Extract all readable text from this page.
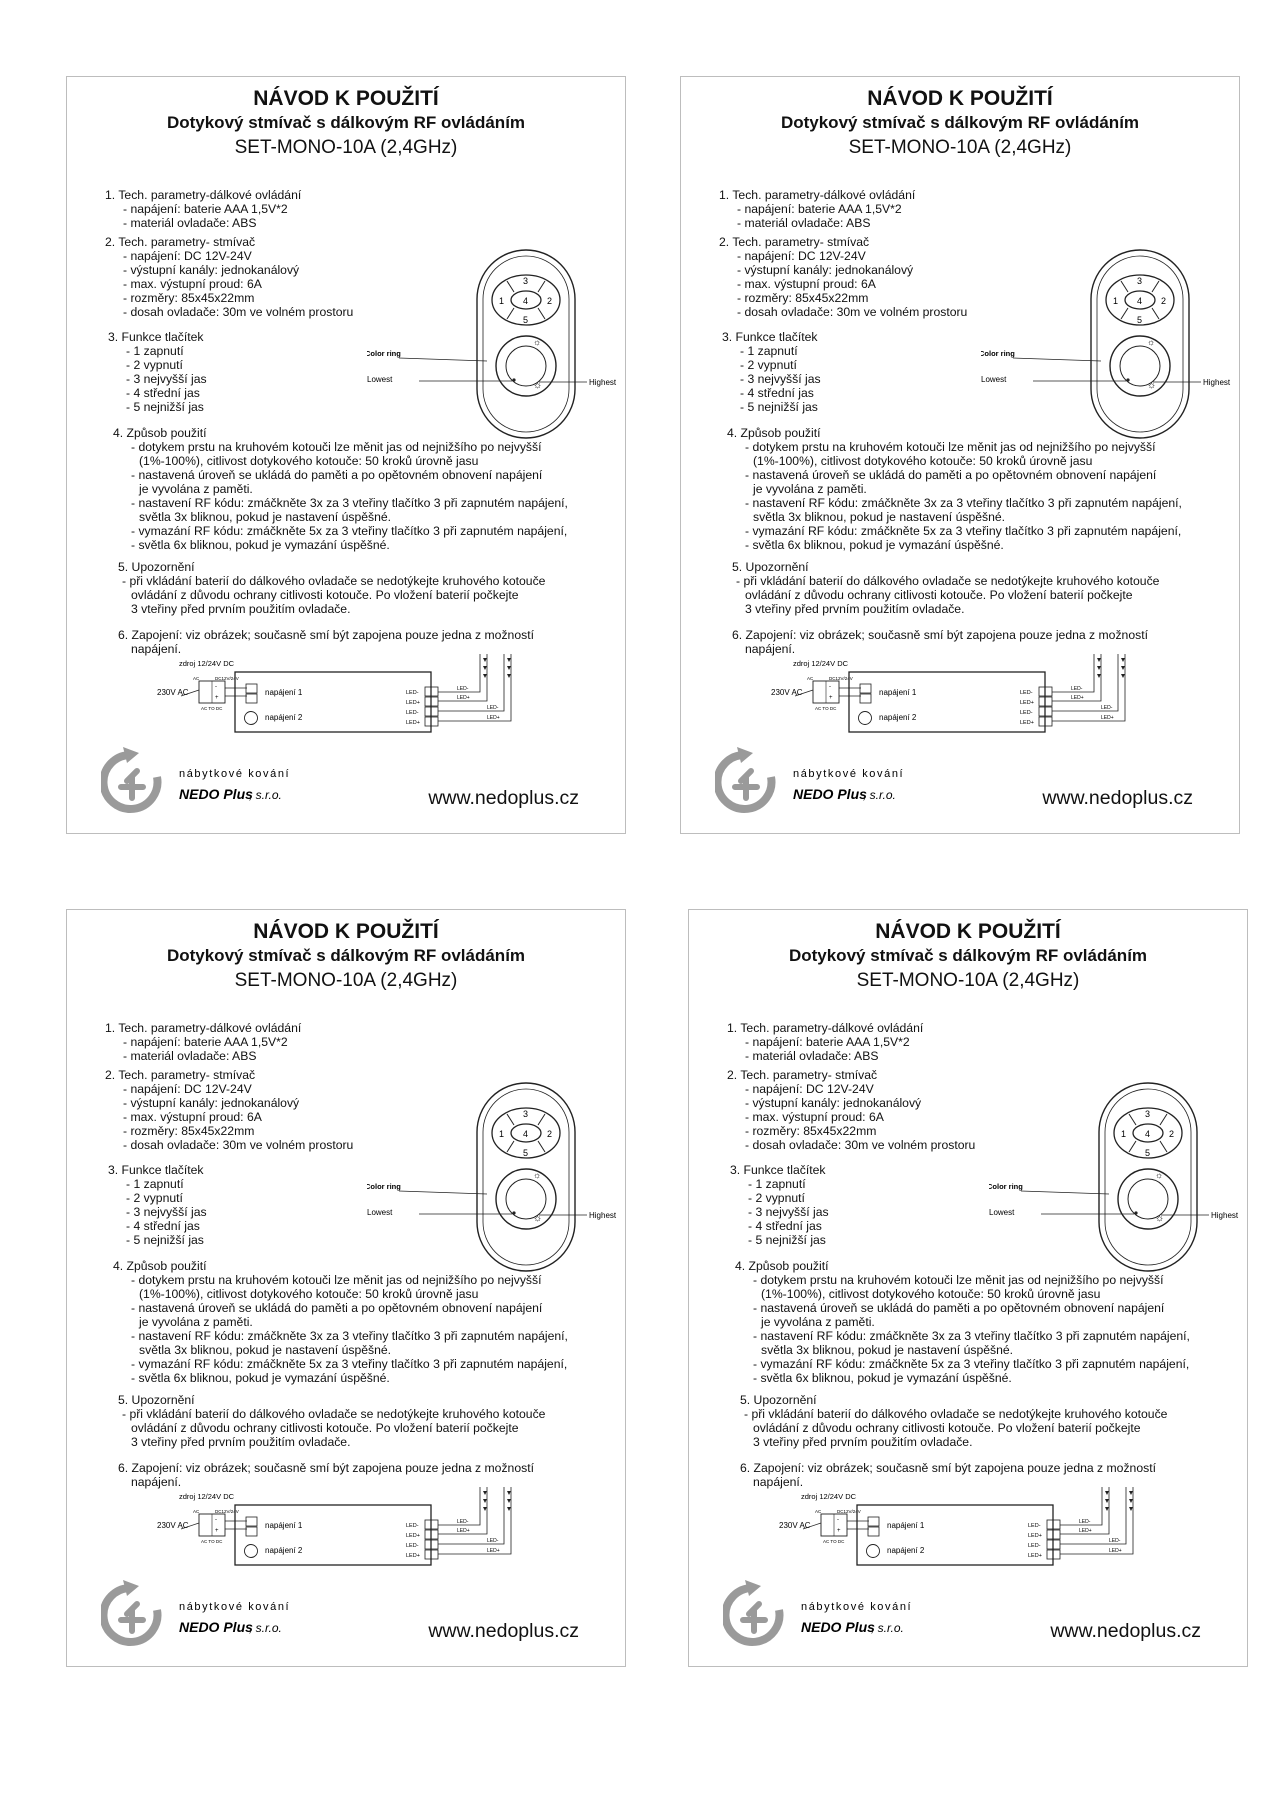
NÁVOD K POUŽITÍ
Dotykový stmívač s dálkovým RF ovládáním
SET-MONO-10A (2,4GHz)
1. Tech. parametry-dálkové ovládání
- napájení: baterie AAA 1,5V*2
- materiál ovladače: ABS
2. Tech. parametry- stmívač
- napájení: DC 12V-24V
- výstupní kanály: jednokanálový
- max. výstupní proud: 6A
- rozměry: 85x45x22mm
- dosah ovladače: 30m ve volném prostoru
3. Funkce tlačítek
- 1 zapnutí
- 2 vypnutí
- 3 nejvyšší jas
- 4 střední jas
- 5 nejnižší jas
3
4
1	2
5
☼
☼
Color ring
Lowest	Highest
4. Způsob použití
- dotykem prstu na kruhovém kotouči lze měnit jas od nejnižšího po nejvyšší
(1%-100%), citlivost dotykového kotouče: 50 kroků úrovně jasu
- nastavená úroveň se ukládá do paměti a po opětovném obnovení napájení
je vyvolána z paměti.
- nastavení RF kódu: zmáčkněte 3x za 3 vteřiny tlačítko 3 při zapnutém napájení,
světla 3x bliknou, pokud je nastavení úspěšné.
- vymazání RF kódu: zmáčkněte 5x za 3 vteřiny tlačítko 3 při zapnutém napájení,
- světla 6x bliknou, pokud je vymazání úspěšné.
5. Upozornění
- při vkládání baterií do dálkového ovladače se nedotýkejte kruhového kotouče
ovládání z důvodu ochrany citlivosti kotouče. Po vložení baterií počkejte
3 vteřiny před prvním použitím ovladače.
6. Zapojení: viz obrázek; současně smí být zapojena pouze jedna z možností
napájení.
zdroj 12/24V DC
230V AC
AC	DC12V/24V
AC TO DC
-
+
napájení 1
napájení 2
LED-
LED+
LED-
LED+
LED-
LED+
LED-
LED+
nábytkové kování
NEDO Plus
, s.r.o.	www.nedoplus.cz
NÁVOD K POUŽITÍ
Dotykový stmívač s dálkovým RF ovládáním
SET-MONO-10A (2,4GHz)
1. Tech. parametry-dálkové ovládání
- napájení: baterie AAA 1,5V*2
- materiál ovladače: ABS
2. Tech. parametry- stmívač
- napájení: DC 12V-24V
- výstupní kanály: jednokanálový
- max. výstupní proud: 6A
- rozměry: 85x45x22mm
- dosah ovladače: 30m ve volném prostoru
3. Funkce tlačítek
- 1 zapnutí
- 2 vypnutí
- 3 nejvyšší jas
- 4 střední jas
- 5 nejnižší jas
3
4
1	2
5
☼
☼
Color ring
Lowest	Highest
4. Způsob použití
- dotykem prstu na kruhovém kotouči lze měnit jas od nejnižšího po nejvyšší
(1%-100%), citlivost dotykového kotouče: 50 kroků úrovně jasu
- nastavená úroveň se ukládá do paměti a po opětovném obnovení napájení
je vyvolána z paměti.
- nastavení RF kódu: zmáčkněte 3x za 3 vteřiny tlačítko 3 při zapnutém napájení,
světla 3x bliknou, pokud je nastavení úspěšné.
- vymazání RF kódu: zmáčkněte 5x za 3 vteřiny tlačítko 3 při zapnutém napájení,
- světla 6x bliknou, pokud je vymazání úspěšné.
5. Upozornění
- při vkládání baterií do dálkového ovladače se nedotýkejte kruhového kotouče
ovládání z důvodu ochrany citlivosti kotouče. Po vložení baterií počkejte
3 vteřiny před prvním použitím ovladače.
6. Zapojení: viz obrázek; současně smí být zapojena pouze jedna z možností
napájení.
zdroj 12/24V DC
230V AC
AC	DC12V/24V
AC TO DC
-
+
napájení 1
napájení 2
LED-
LED+
LED-
LED+
LED-
LED+
LED-
LED+
nábytkové kování
NEDO Plus
, s.r.o.	www.nedoplus.cz
NÁVOD K POUŽITÍ
Dotykový stmívač s dálkovým RF ovládáním
SET-MONO-10A (2,4GHz)
1. Tech. parametry-dálkové ovládání
- napájení: baterie AAA 1,5V*2
- materiál ovladače: ABS
2. Tech. parametry- stmívač
- napájení: DC 12V-24V
- výstupní kanály: jednokanálový
- max. výstupní proud: 6A
- rozměry: 85x45x22mm
- dosah ovladače: 30m ve volném prostoru
3. Funkce tlačítek
- 1 zapnutí
- 2 vypnutí
- 3 nejvyšší jas
- 4 střední jas
- 5 nejnižší jas
3
4
1	2
5
☼
☼
Color ring
Lowest	Highest
4. Způsob použití
- dotykem prstu na kruhovém kotouči lze měnit jas od nejnižšího po nejvyšší
(1%-100%), citlivost dotykového kotouče: 50 kroků úrovně jasu
- nastavená úroveň se ukládá do paměti a po opětovném obnovení napájení
je vyvolána z paměti.
- nastavení RF kódu: zmáčkněte 3x za 3 vteřiny tlačítko 3 při zapnutém napájení,
světla 3x bliknou, pokud je nastavení úspěšné.
- vymazání RF kódu: zmáčkněte 5x za 3 vteřiny tlačítko 3 při zapnutém napájení,
- světla 6x bliknou, pokud je vymazání úspěšné.
5. Upozornění
- při vkládání baterií do dálkového ovladače se nedotýkejte kruhového kotouče
ovládání z důvodu ochrany citlivosti kotouče. Po vložení baterií počkejte
3 vteřiny před prvním použitím ovladače.
6. Zapojení: viz obrázek; současně smí být zapojena pouze jedna z možností
napájení.
zdroj 12/24V DC
230V AC
AC	DC12V/24V
AC TO DC
-
+
napájení 1
napájení 2
LED-
LED+
LED-
LED+
LED-
LED+
LED-
LED+
nábytkové kování
NEDO Plus
, s.r.o.	www.nedoplus.cz
NÁVOD K POUŽITÍ
Dotykový stmívač s dálkovým RF ovládáním
SET-MONO-10A (2,4GHz)
1. Tech. parametry-dálkové ovládání
- napájení: baterie AAA 1,5V*2
- materiál ovladače: ABS
2. Tech. parametry- stmívač
- napájení: DC 12V-24V
- výstupní kanály: jednokanálový
- max. výstupní proud: 6A
- rozměry: 85x45x22mm
- dosah ovladače: 30m ve volném prostoru
3. Funkce tlačítek
- 1 zapnutí
- 2 vypnutí
- 3 nejvyšší jas
- 4 střední jas
- 5 nejnižší jas
3
4
1	2
5
☼
☼
Color ring
Lowest	Highest
4. Způsob použití
- dotykem prstu na kruhovém kotouči lze měnit jas od nejnižšího po nejvyšší
(1%-100%), citlivost dotykového kotouče: 50 kroků úrovně jasu
- nastavená úroveň se ukládá do paměti a po opětovném obnovení napájení
je vyvolána z paměti.
- nastavení RF kódu: zmáčkněte 3x za 3 vteřiny tlačítko 3 při zapnutém napájení,
světla 3x bliknou, pokud je nastavení úspěšné.
- vymazání RF kódu: zmáčkněte 5x za 3 vteřiny tlačítko 3 při zapnutém napájení,
- světla 6x bliknou, pokud je vymazání úspěšné.
5. Upozornění
- při vkládání baterií do dálkového ovladače se nedotýkejte kruhového kotouče
ovládání z důvodu ochrany citlivosti kotouče. Po vložení baterií počkejte
3 vteřiny před prvním použitím ovladače.
6. Zapojení: viz obrázek; současně smí být zapojena pouze jedna z možností
napájení.
zdroj 12/24V DC
230V AC
AC	DC12V/24V
AC TO DC
-
+
napájení 1
napájení 2
LED-
LED+
LED-
LED+
LED-
LED+
LED-
LED+
nábytkové kování
NEDO Plus
, s.r.o.	www.nedoplus.cz
